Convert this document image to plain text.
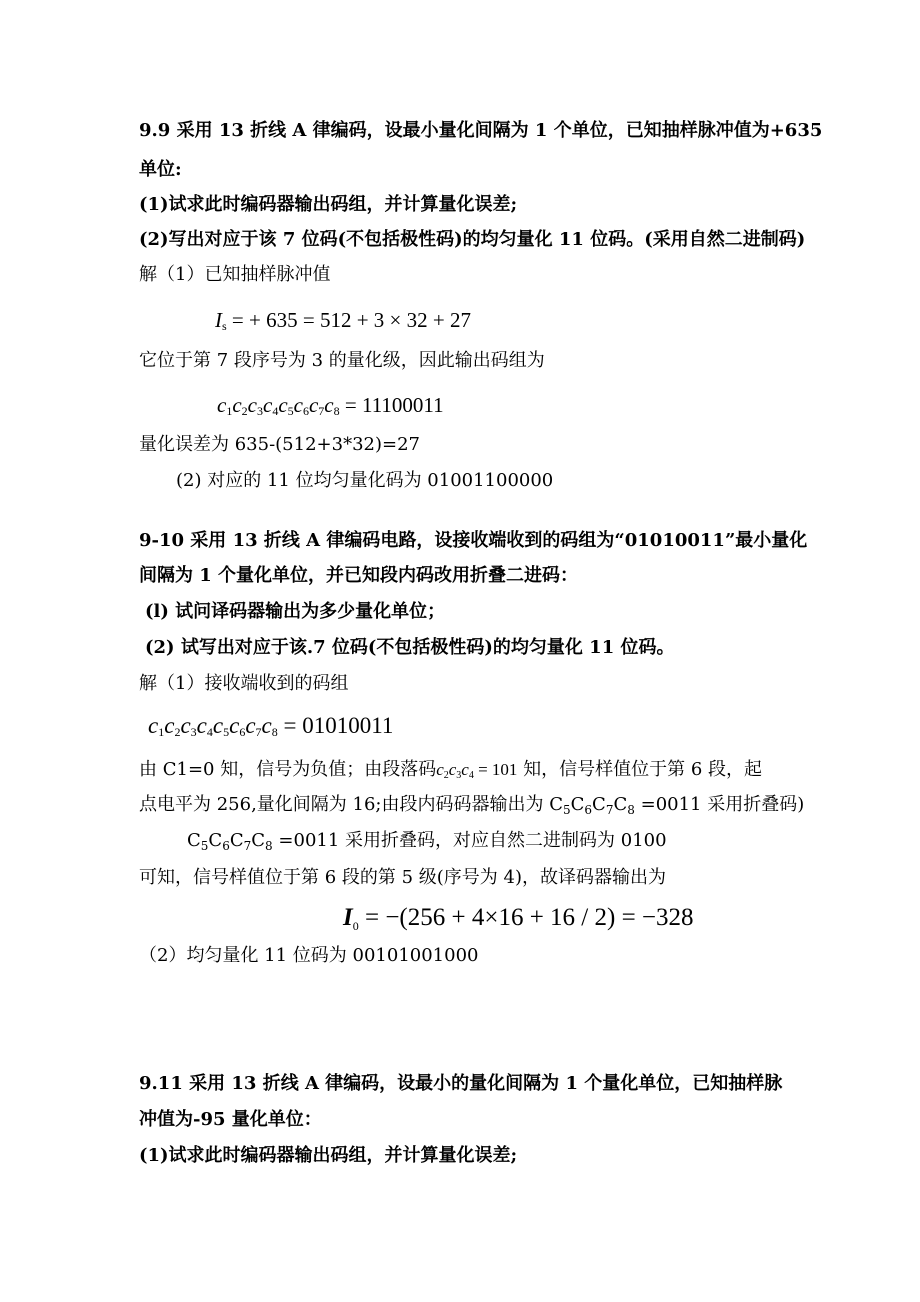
9.9 采用 13 折线 A 律编码，设最小量化间隔为 1 个单位，已知抽样脉冲值为+635
单位:
(1)试求此时编码器输出码组，并计算量化误差;
(2)写出对应于该 7 位码(不包括极性码)的均匀量化 11 位码。(采用自然二进制码)
解（1）已知抽样脉冲值
$I_s$ = + 635 = 512 + 3 × 32 + 27
它位于第 7 段序号为 3 的量化级，因此输出码组为
$c_1c_2c_3c_4c_5c_6c_7c_8 = 11100011$
量化误差为 635-(512+3*32)=27
(2) 对应的 11 位均匀量化码为 01001100000
9-10 采用 13 折线 A 律编码电路，设接收端收到的码组为“01010011”最小量化
间隔为 1 个量化单位，并已知段内码改用折叠二进码：
(l) 试问译码器输出为多少量化单位；
(2) 试写出对应于该.7 位码(不包括极性码)的均匀量化 11 位码。
解（1）接收端收到的码组
$c_1c_2c_3c_4c_5c_6c_7c_8 = 01010011$
由 C1=0 知，信号为负值；由段落码$c_2c_3c_4 = 101$ 知，信号样值位于第 6 段，起
点电平为 256,量化间隔为 16;由段内码码器输出为 $C_5C_6C_7C_8 =0011$ 采用折叠码)
$C_5C_6C_7C_8 =0011$ 采用折叠码，对应自然二进制码为 0100
可知，信号样值位于第 6 段的第 5 级(序号为 4)，故译码器输出为
$I_0 = -(256 + 4\times 16 + 16 / 2) = -328$
（2）均匀量化 11 位码为 00101001000
9.11 采用 13 折线 A 律编码，设最小的量化间隔为 1 个量化单位，已知抽样脉
冲值为-95 量化单位：
(1)试求此时编码器输出码组，并计算量化误差;
